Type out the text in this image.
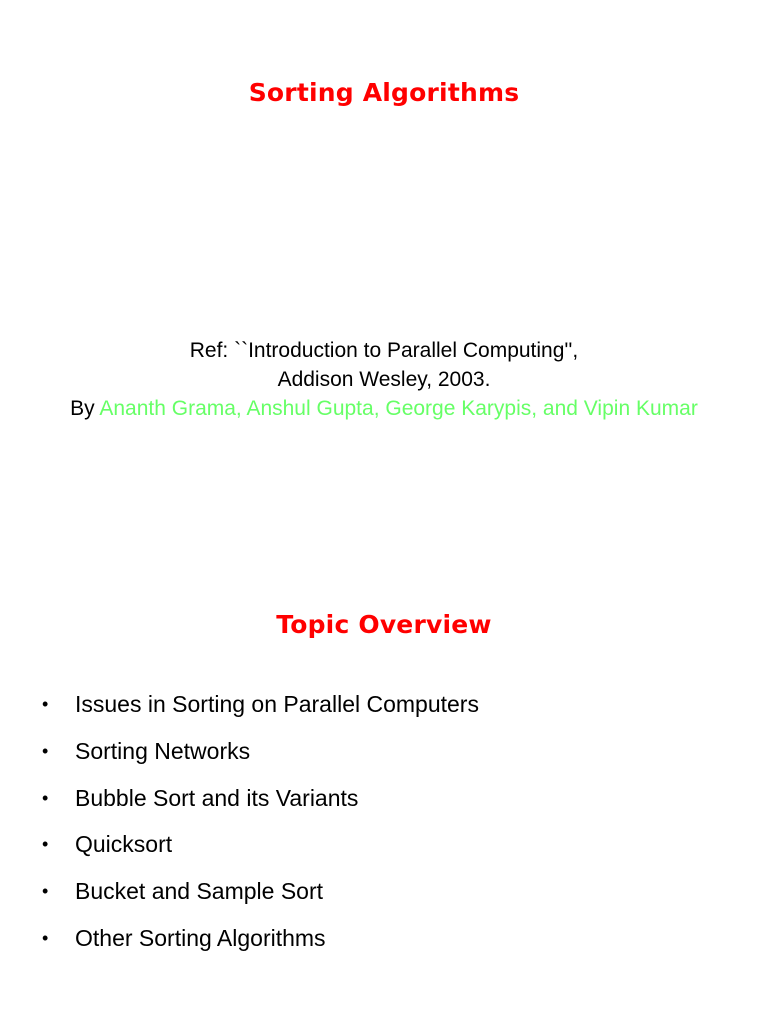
Sorting Algorithms
Ref: ``Introduction to Parallel Computing'',
Addison Wesley, 2003.
By Ananth Grama, Anshul Gupta, George Karypis, and Vipin Kumar
Topic Overview
• Issues in Sorting on Parallel Computers
• Sorting Networks
• Bubble Sort and its Variants
• Quicksort
• Bucket and Sample Sort
• Other Sorting Algorithms
